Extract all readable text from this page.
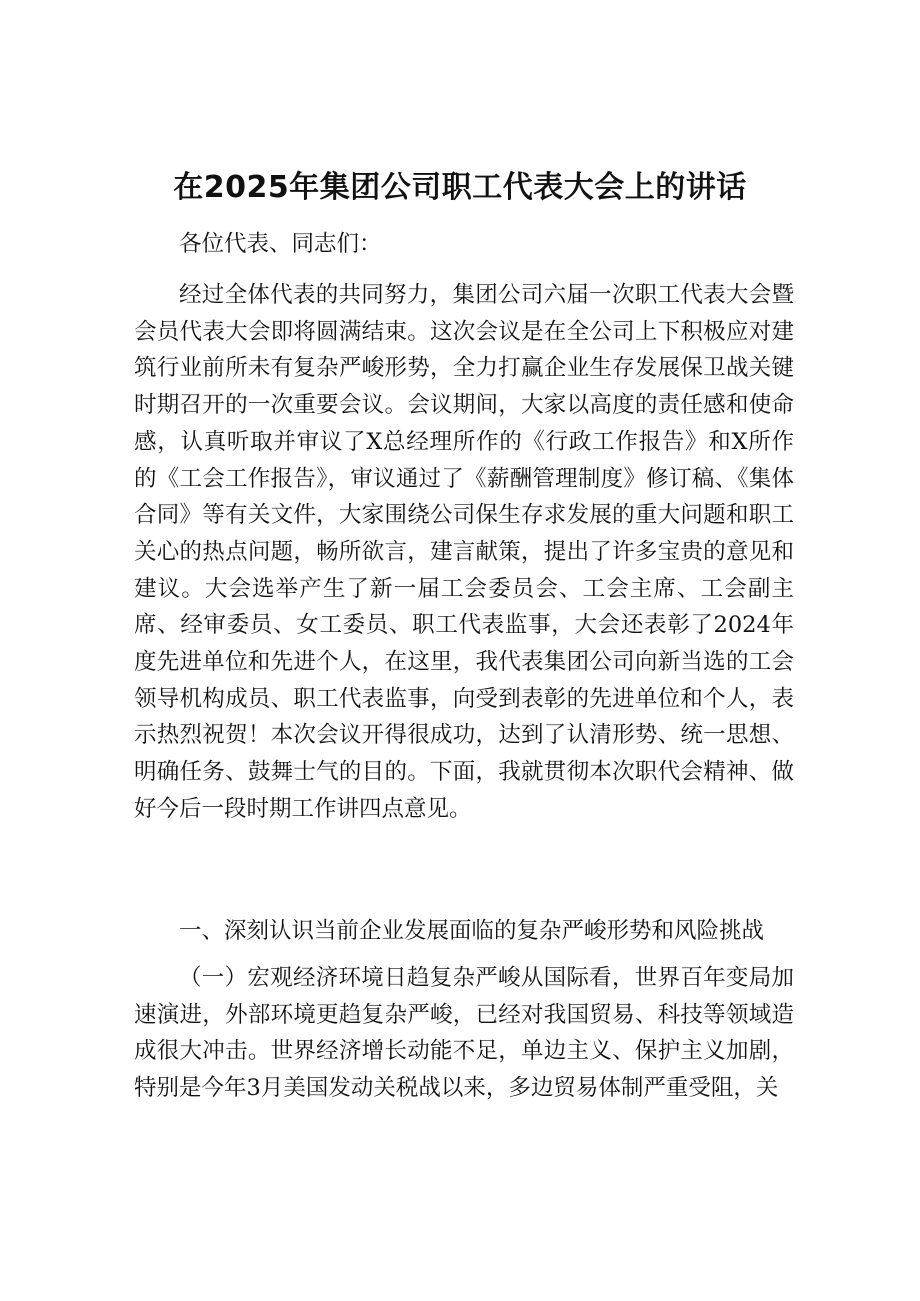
在2025年集团公司职工代表大会上的讲话

各位代表、同志们：

经过全体代表的共同努力，集团公司六届一次职工代表大会暨会员代表大会即将圆满结束。这次会议是在全公司上下积极应对建筑行业前所未有复杂严峻形势，全力打赢企业生存发展保卫战关键时期召开的一次重要会议。会议期间，大家以高度的责任感和使命感，认真听取并审议了X总经理所作的《行政工作报告》和X所作的《工会工作报告》，审议通过了《薪酬管理制度》修订稿、《集体合同》等有关文件，大家围绕公司保生存求发展的重大问题和职工关心的热点问题，畅所欲言，建言献策，提出了许多宝贵的意见和建议。大会选举产生了新一届工会委员会、工会主席、工会副主席、经审委员、女工委员、职工代表监事，大会还表彰了2024年度先进单位和先进个人，在这里，我代表集团公司向新当选的工会领导机构成员、职工代表监事，向受到表彰的先进单位和个人，表示热烈祝贺！本次会议开得很成功，达到了认清形势、统一思想、明确任务、鼓舞士气的目的。下面，我就贯彻本次职代会精神、做好今后一段时期工作讲四点意见。

一、深刻认识当前企业发展面临的复杂严峻形势和风险挑战

（一）宏观经济环境日趋复杂严峻从国际看，世界百年变局加速演进，外部环境更趋复杂严峻，已经对我国贸易、科技等领域造成很大冲击。世界经济增长动能不足，单边主义、保护主义加剧，特别是今年3月美国发动关税战以来，多边贸易体制严重受阻，关
